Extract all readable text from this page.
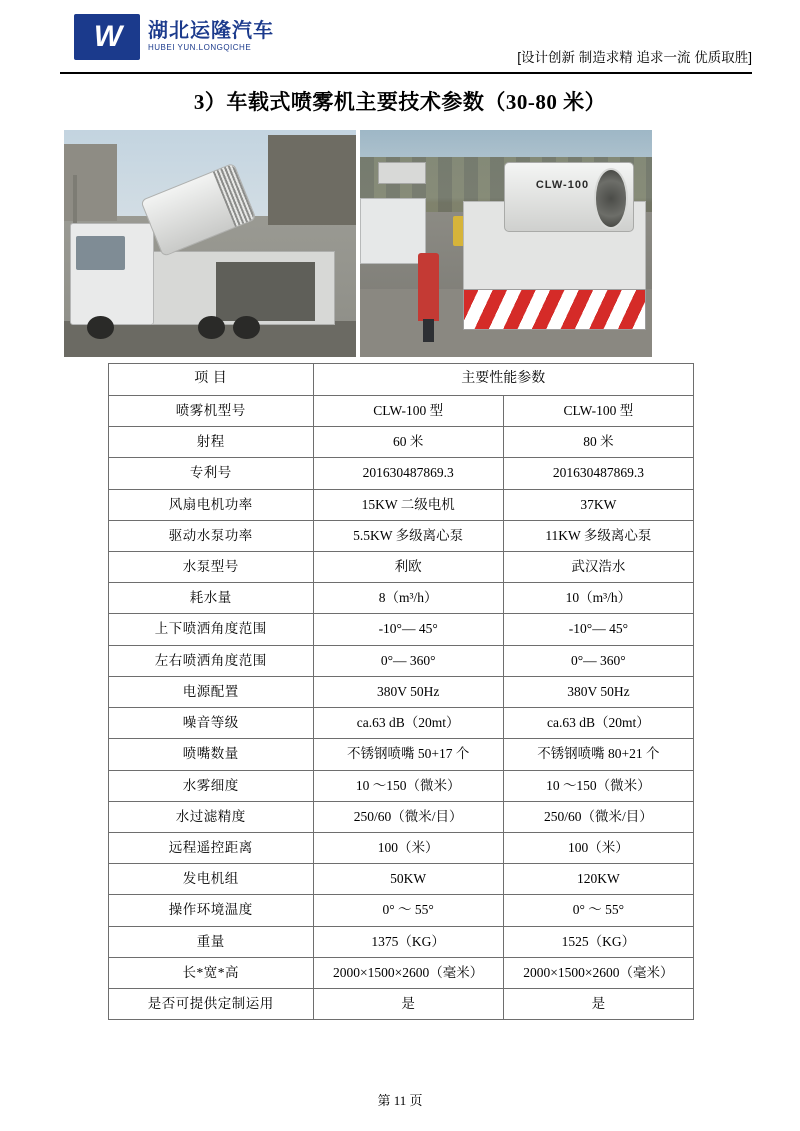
W 湖北运隆汽车
HUBEI YUN.LONGQICHE
[设计创新 制造求精 追求一流 优质取胜]
3）车载式喷雾机主要技术参数（30-80 米）
CLW-100
项 目	主要性能参数	
喷雾机型号	CLW-100 型	CLW-100 型
射程	60 米	80 米
专利号	201630487869.3	201630487869.3
风扇电机功率	15KW 二级电机	37KW
驱动水泵功率	5.5KW 多级离心泵	11KW 多级离心泵
水泵型号	利欧	武汉浩水
耗水量	8（m³/h）	10（m³/h）
上下喷洒角度范围	-10°— 45°	-10°— 45°
左右喷洒角度范围	0°— 360°	0°— 360°
电源配置	380V 50Hz	380V 50Hz
噪音等级	ca.63 dB（20mt）	ca.63 dB（20mt）
喷嘴数量	不锈钢喷嘴 50+17 个	不锈钢喷嘴 80+21 个
水雾细度	10 ～150（微米）	10 ～150（微米）
水过滤精度	250/60（微米/目）	250/60（微米/目）
远程遥控距离	100（米）	100（米）
发电机组	50KW	120KW
操作环境温度	0° ～ 55°	0° ～ 55°
重量	1375（KG）	1525（KG）
长*宽*高	2000×1500×2600（毫米）	2000×1500×2600（毫米）
是否可提供定制运用	是	是
第 11 页
